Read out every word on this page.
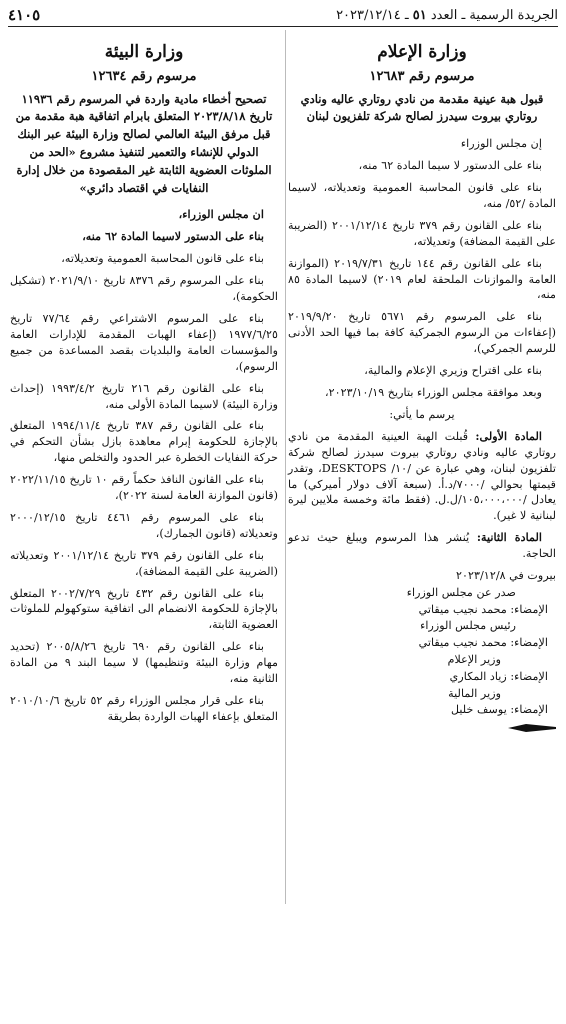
الجريدة الرسمية ـ العدد ٥١ ـ ٢٠٢٣/١٢/١٤
٤١٠٥
وزارة الإعلام
مرسوم رقم ١٢٦٨٣
قبول هبة عينية مقدمة من نادي روتاري عاليه ونادي روتاري بيروت سيدرز لصالح شركة تلفزيون لبنان

إن مجلس الوزراء

بناء على الدستور لا سيما المادة ٦٢ منه،

بناء على قانون المحاسبة العمومية وتعديلاته، لاسيما المادة /٥٢/ منه،

بناء على القانون رقم ٣٧٩ تاريخ ٢٠٠١/١٢/١٤ (الضريبة على القيمة المضافة) وتعديلاته،

بناء على القانون رقم ١٤٤ تاريخ ٢٠١٩/٧/٣١ (الموازنة العامة والموازنات الملحقة لعام ٢٠١٩) لاسيما المادة ٨٥ منه،

بناء على المرسوم رقم ٥٦٧١ تاريخ ٢٠١٩/٩/٢٠ (إعفاءات من الرسوم الجمركية كافة بما فيها الحد الأدنى للرسم الجمركي)،

بناء على اقتراح وزيري الإعلام والمالية،

وبعد موافقة مجلس الوزراء بتاريخ ٢٠٢٣/١٠/١٩،

يرسم ما يأتي:

المادة الأولى: قُبلت الهبة العينية المقدمة من نادي روتاري عاليه ونادي روتاري بيروت سيدرز لصالح شركة تلفزيون لبنان، وهي عبارة عن /١٠/ DESKTOPS، وتقدر قيمتها بحوالي /٧٠٠٠/د.أ. (سبعة آلاف دولار أميركي) ما يعادل /١٠٥،٠٠٠،٠٠٠/ل.ل. (فقط مائة وخمسة ملايين ليرة لبنانية لا غير).

المادة الثانية: يُنشر هذا المرسوم ويبلغ حيث تدعو الحاجة.

بيروت في ٢٠٢٣/١٢/٨

صدر عن مجلس الوزراء

الإمضاء: محمد نجيب ميقاتي

رئيس مجلس الوزراء

الإمضاء: محمد نجيب ميقاتي

وزير الإعلام

الإمضاء: زياد المكاري

وزير المالية

الإمضاء: يوسف خليل

وزارة البيئة
مرسوم رقم ١٢٦٣٤
تصحيح أخطاء مادية واردة في المرسوم رقم ١١٩٣٦ تاريخ ٢٠٢٣/٨/١٨ المتعلق بابرام اتفاقية هبة مقدمة من قبل مرفق البيئة العالمي لصالح وزارة البيئة عبر البنك الدولي للإنشاء والتعمير لتنفيذ مشروع «الحد من الملوثات العضوية الثابتة غير المقصودة من خلال إدارة النفايات في اقتصاد دائري»

ان مجلس الوزراء،

بناء على الدستور لاسيما المادة ٦٢ منه،

بناء على قانون المحاسبة العمومية وتعديلاته،

بناء على المرسوم رقم ٨٣٧٦ تاريخ ٢٠٢١/٩/١٠ (تشكيل الحكومة)،

بناء على المرسوم الاشتراعي رقم ٧٧/٦٤ تاريخ ١٩٧٧/٦/٢٥ (إعفاء الهبات المقدمة للإدارات العامة والمؤسسات العامة والبلديات بقصد المساعدة من جميع الرسوم)،

بناء على القانون رقم ٢١٦ تاريخ ١٩٩٣/٤/٢ (إحداث وزارة البيئة) لاسيما المادة الأولى منه،

بناء على القانون رقم ٣٨٧ تاريخ ١٩٩٤/١١/٤ المتعلق بالإجازة للحكومة إبرام معاهدة بازل بشأن التحكم في حركة النفايات الخطرة عبر الحدود والتخلص منها،

بناء على القانون النافذ حكماً رقم ١٠ تاريخ ٢٠٢٢/١١/١٥ (قانون الموازنة العامة لسنة ٢٠٢٢)،

بناء على المرسوم رقم ٤٤٦١ تاريخ ٢٠٠٠/١٢/١٥ وتعديلاته (قانون الجمارك)،

بناء على القانون رقم ٣٧٩ تاريخ ٢٠٠١/١٢/١٤ وتعديلاته (الضريبة على القيمة المضافة)،

بناء على القانون رقم ٤٣٢ تاريخ ٢٠٠٢/٧/٢٩ المتعلق بالإجازة للحكومة الانضمام الى اتفاقية ستوكهولم للملوثات العضوية الثابتة،

بناء على القانون رقم ٦٩٠ تاريخ ٢٠٠٥/٨/٢٦ (تحديد مهام وزارة البيئة وتنظيمها) لا سيما البند ٩ من المادة الثانية منه،

بناء على قرار مجلس الوزراء رقم ٥٢ تاريخ ٢٠١٠/١٠/٦ المتعلق بإعفاء الهبات الواردة بطريقة
